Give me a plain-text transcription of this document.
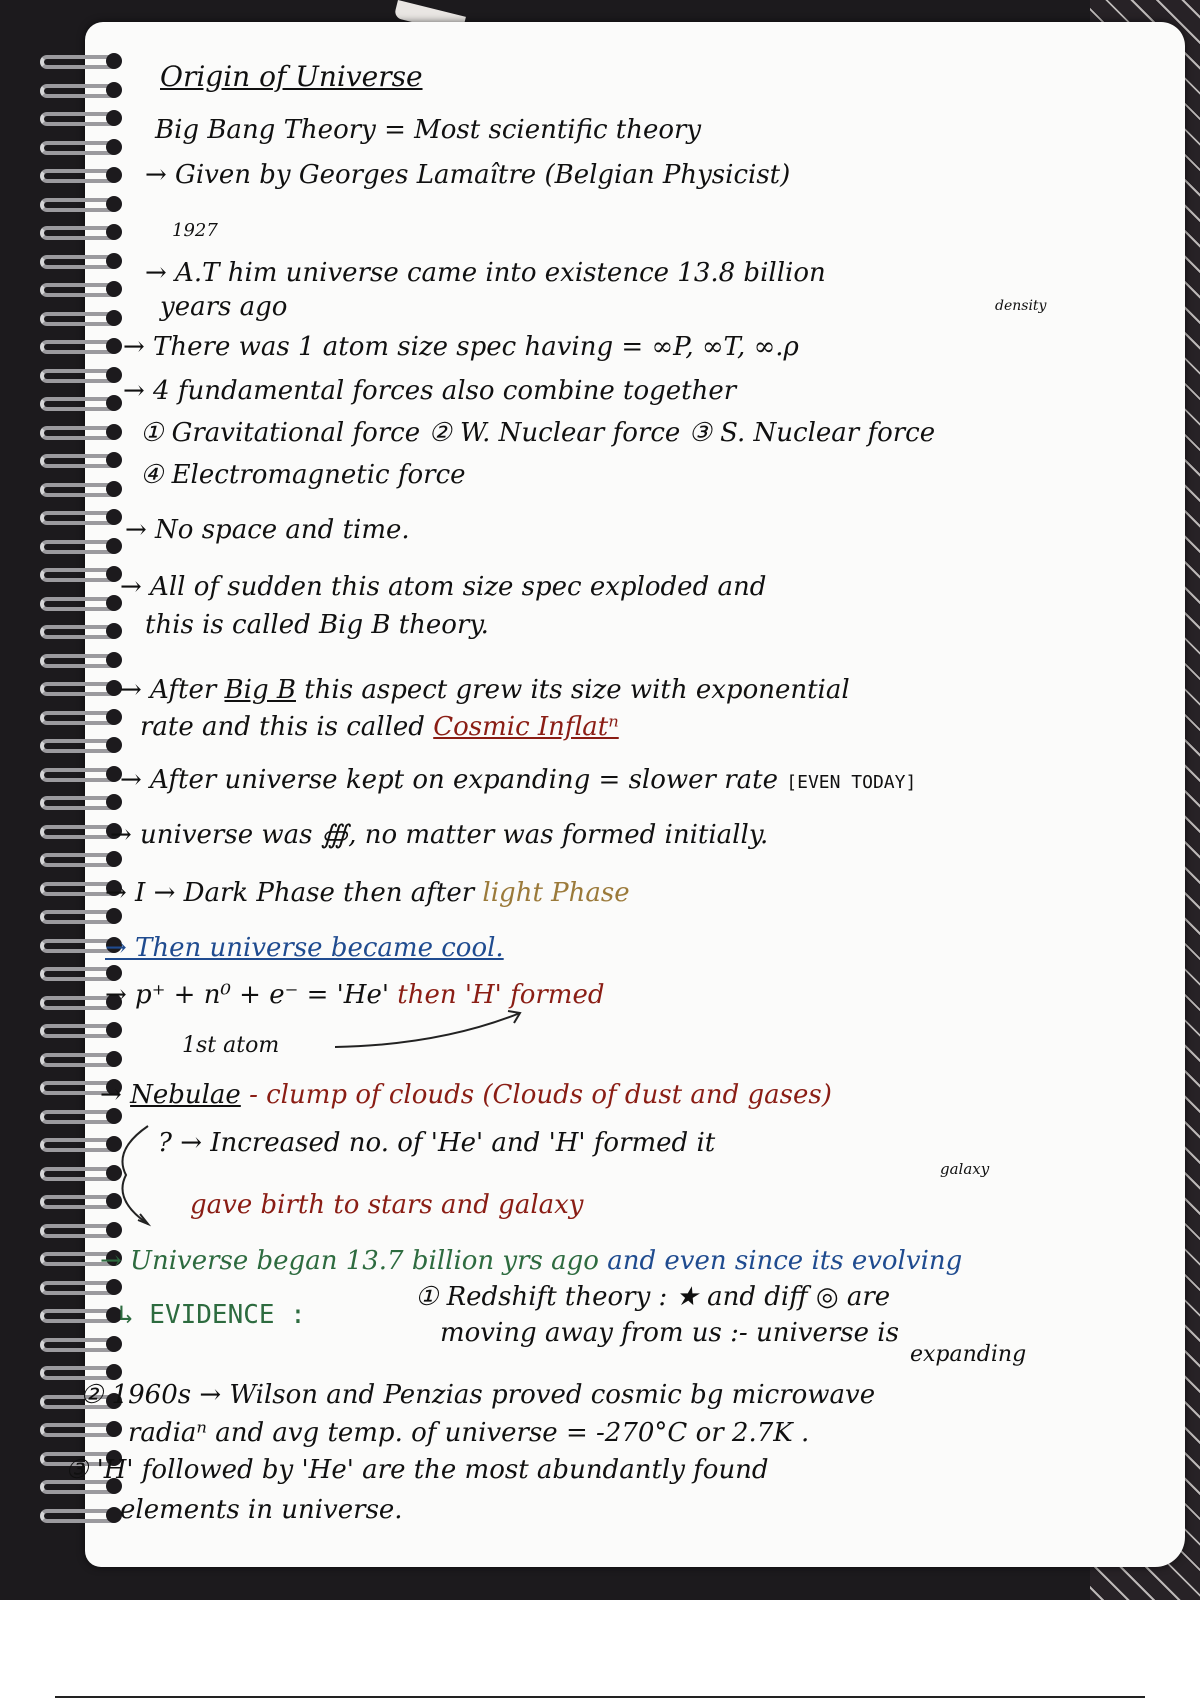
Origin of Universe
Big Bang Theory = Most scientific theory
→ Given by Georges Lamaître (Belgian Physicist)
1927
→ A.T him universe came into existence 13.8 billion
years ago	density
→ There was 1 atom size spec having = ∞P, ∞T, ∞.ρ
→ 4 fundamental forces also combine together
① Gravitational force ② W. Nuclear force ③ S. Nuclear force
④ Electromagnetic force
→ No space and time.
→ All of sudden this atom size spec exploded and
this is called Big B theory.
→ After Big B this aspect grew its size with exponential
rate and this is called Cosmic Inflatⁿ
→ After universe kept on expanding = slower rate [EVEN TODAY]
→ universe was ∰, no matter was formed initially.
→ I → Dark Phase then after light Phase
→ Then universe became cool.
→ p⁺ + n⁰ + e⁻ = 'He' then 'H' formed
1st atom
→ Nebulae - clump of clouds (Clouds of dust and gases)
? → Increased no. of 'He' and 'H' formed it
galaxy
gave birth to stars and galaxy
→ Universe began 13.7 billion yrs ago and even since its evolving
↳ EVIDENCE :
① Redshift theory : ★ and diff ◎ are
moving away from us :- universe is
expanding
② 1960s → Wilson and Penzias proved cosmic bg microwave
radiaⁿ and avg temp. of universe = -270°C or 2.7K .
③ 'H' followed by 'He' are the most abundantly found
elements in universe.
